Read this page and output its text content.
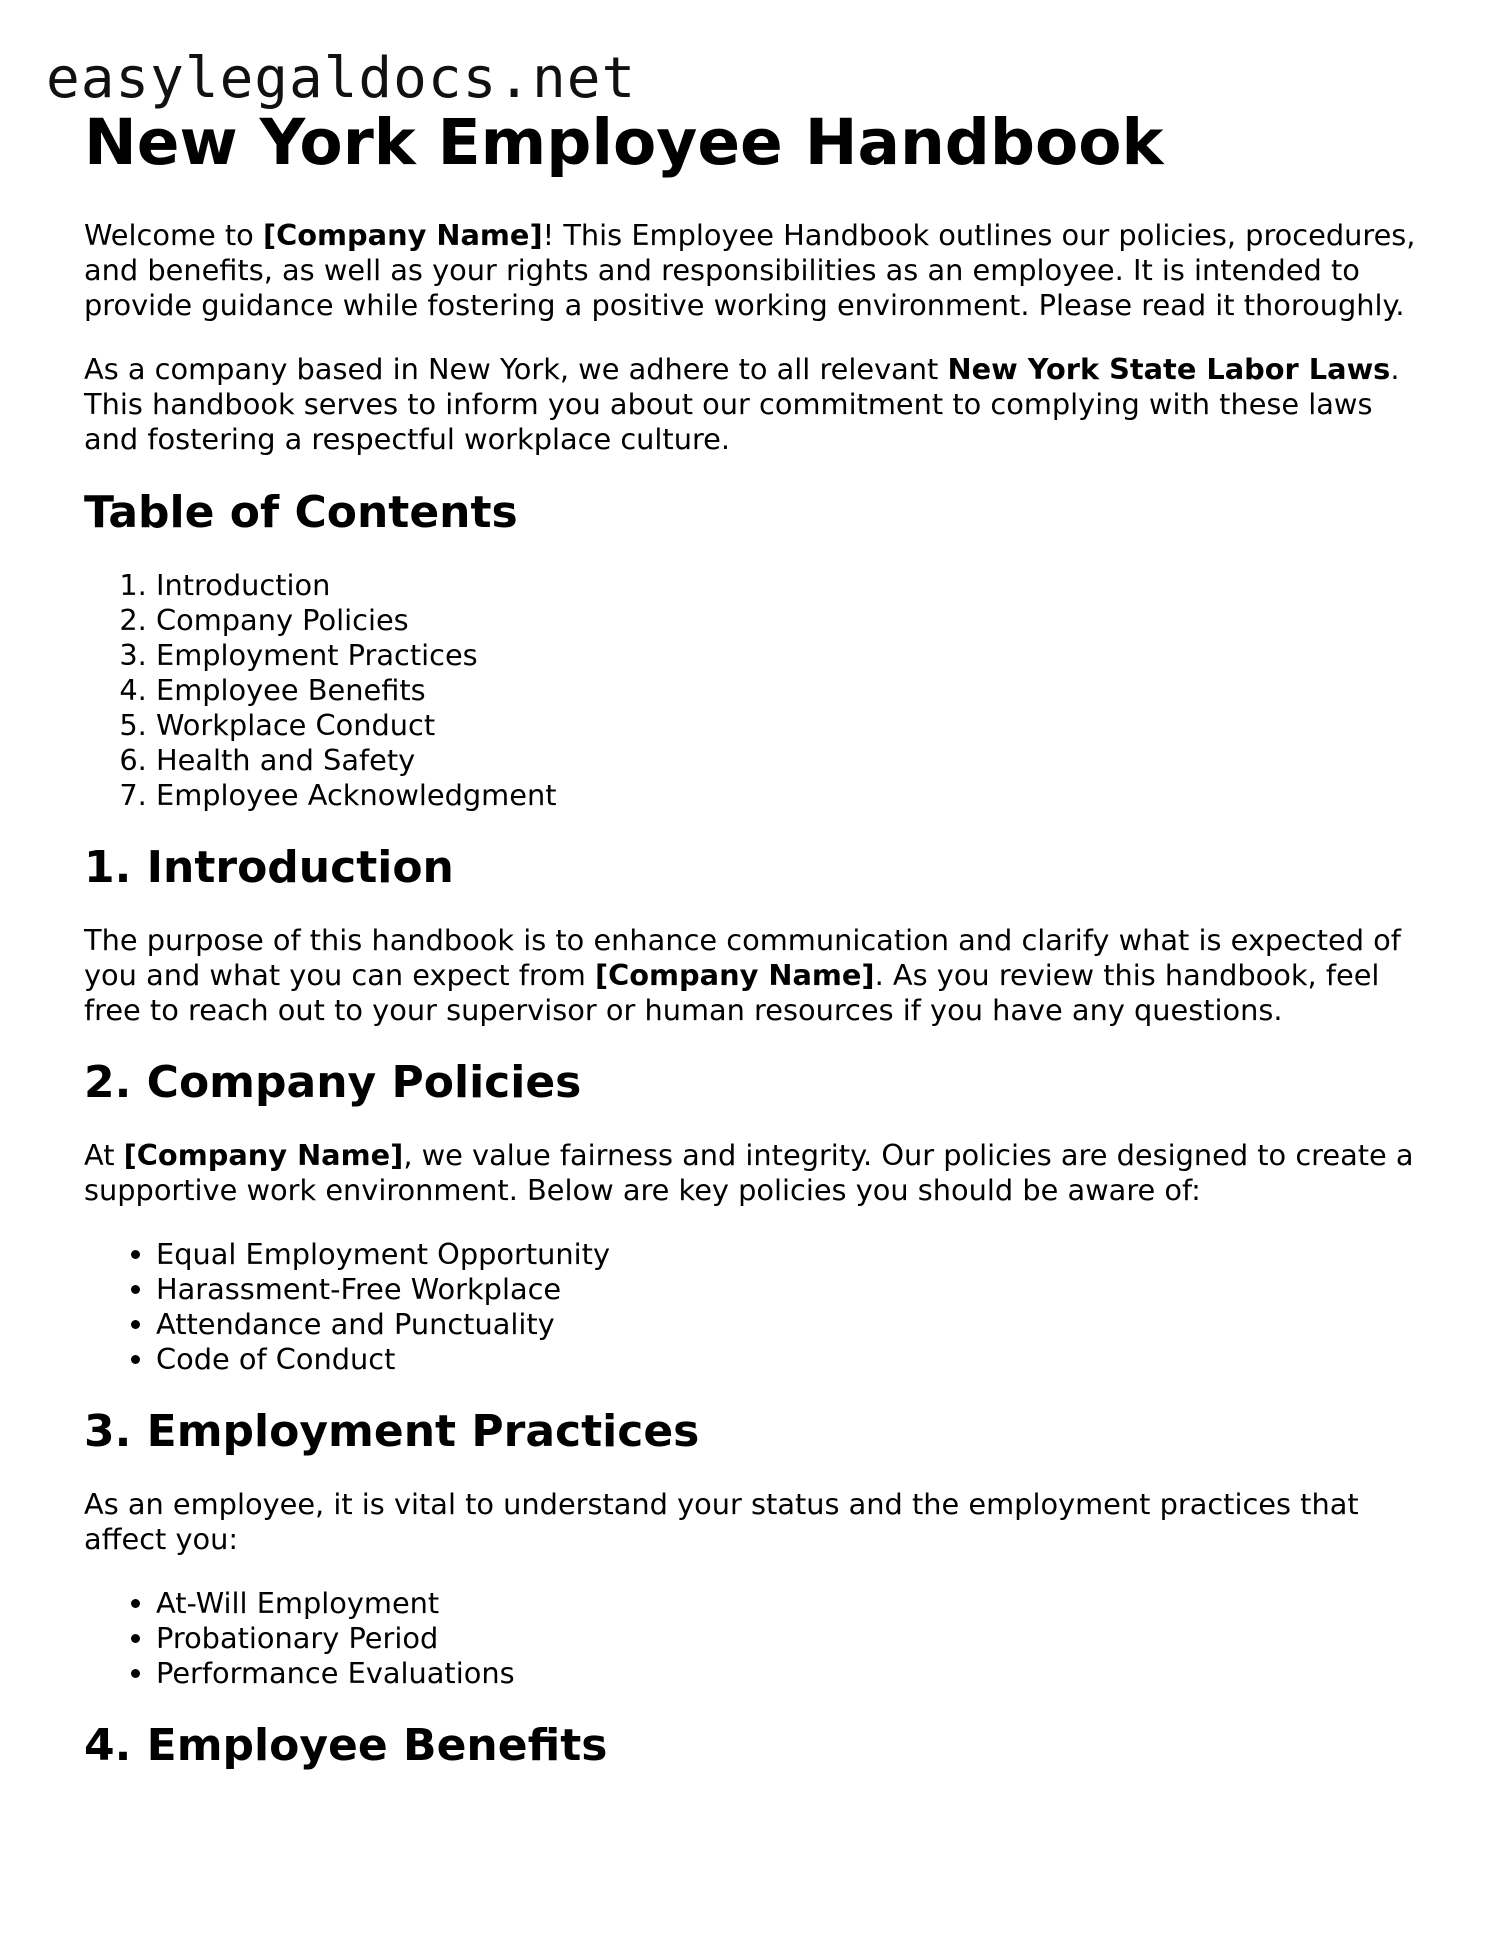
easylegaldocs.net
New York Employee Handbook

Welcome to [Company Name]! This Employee Handbook outlines our policies, procedures, and benefits, as well as your rights and responsibilities as an employee. It is intended to provide guidance while fostering a positive working environment. Please read it thoroughly.

As a company based in New York, we adhere to all relevant New York State Labor Laws. This handbook serves to inform you about our commitment to complying with these laws and fostering a respectful workplace culture.

Table of Contents
1. Introduction
2. Company Policies
3. Employment Practices
4. Employee Benefits
5. Workplace Conduct
6. Health and Safety
7. Employee Acknowledgment
1. Introduction

The purpose of this handbook is to enhance communication and clarify what is expected of you and what you can expect from [Company Name]. As you review this handbook, feel free to reach out to your supervisor or human resources if you have any questions.

2. Company Policies

At [Company Name], we value fairness and integrity. Our policies are designed to create a supportive work environment. Below are key policies you should be aware of:

• Equal Employment Opportunity
• Harassment-Free Workplace
• Attendance and Punctuality
• Code of Conduct
3. Employment Practices

As an employee, it is vital to understand your status and the employment practices that affect you:

• At-Will Employment
• Probationary Period
• Performance Evaluations
4. Employee Benefits
